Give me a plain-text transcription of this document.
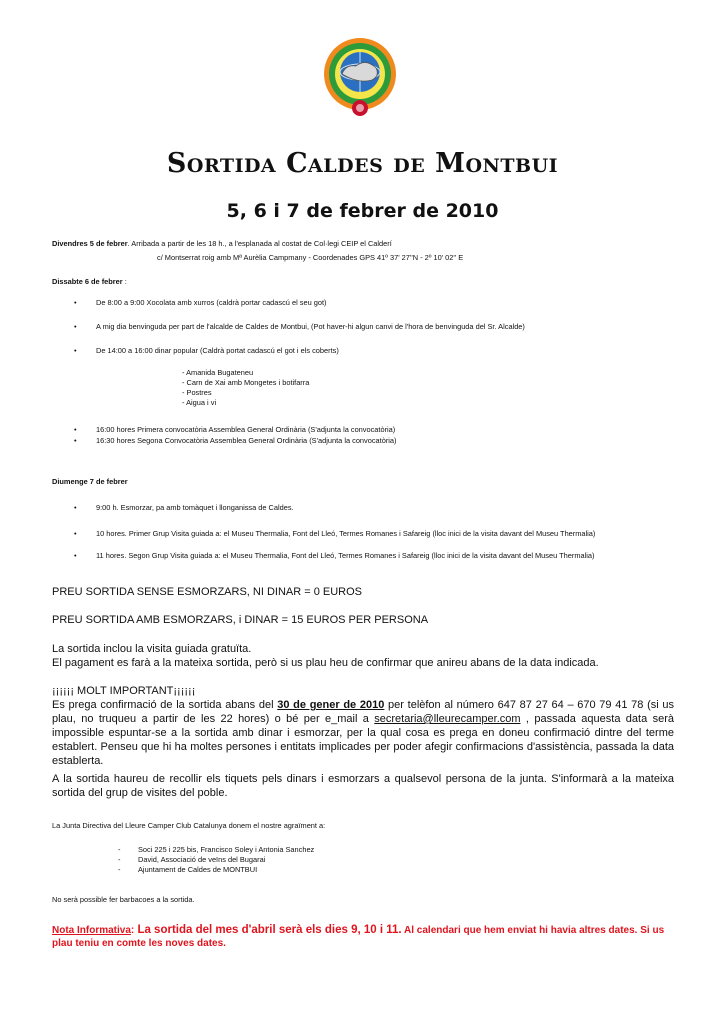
Sortida Caldes de Montbui
5, 6 i 7 de febrer de 2010
Divendres 5 de febrer. Arribada a partir de les 18 h., a l'esplanada al costat de Col·legi CEIP el Calderí
c/ Montserrat roig amb Mª Aurèlia Campmany - Coordenades GPS 41º 37' 27''N - 2º 10' 02'' E
Dissabte 6 de febrer :
•	De 8:00 a 9:00 Xocolata amb xurros (caldrà portar cadascú el seu got)
•	A mig dia benvinguda per part de l'alcalde de Caldes de Montbui, (Pot haver-hi algun canvi de l'hora de benvinguda del Sr. Alcalde)
•	De 14:00 a 16:00 dinar popular (Caldrà portat cadascú el got i els coberts)
- Amanida Bugateneu
- Carn de Xai amb Mongetes i botifarra
- Postres
- Aigua i vi
•	16:00 hores Primera convocatòria Assemblea General Ordinària (S'adjunta la convocatòria)
•	16:30 hores Segona Convocatòria Assemblea General Ordinària (S'adjunta la convocatòria)
Diumenge 7 de febrer
•	9:00 h. Esmorzar, pa amb tomàquet i llonganissa de Caldes.
•	10 hores. Primer Grup Visita guiada a: el Museu Thermalia, Font del Lleó, Termes Romanes i Safareig (lloc inici de la visita davant del Museu Thermalia)
•	11 hores. Segon Grup Visita guiada a: el Museu Thermalia, Font del Lleó, Termes Romanes i Safareig (lloc inici de la visita davant del Museu Thermalia)
PREU SORTIDA SENSE ESMORZARS, NI DINAR = 0 EUROS
PREU SORTIDA AMB ESMORZARS, i DINAR = 15 EUROS PER PERSONA
La sortida inclou la visita guiada gratuïta.
El pagament es farà a la mateixa sortida, però si us plau heu de confirmar que anireu abans de la data indicada.
¡¡¡¡¡¡ MOLT IMPORTANT¡¡¡¡¡¡
Es prega confirmació de la sortida abans del 30 de gener de 2010 per telèfon al número 647 87 27 64 – 670 79 41 78 (si us plau, no truqueu a partir de les 22 hores) o bé per e_mail a secretaria@lleurecamper.com , passada aquesta data serà impossible espuntar-se a la sortida amb dinar i esmorzar, per la qual cosa es prega en doneu confirmació dintre del terme establert. Penseu que hi ha moltes persones i entitats implicades per poder afegir confirmacions d'assistència, passada la data establerta.
A la sortida haureu de recollir els tiquets pels dinars i esmorzars a qualsevol persona de la junta. S'informarà a la mateixa sortida del grup de visites del poble.
La Junta Directiva del Lleure Camper Club Catalunya donem el nostre agraïment a:
- Soci 225 i 225 bis, Francisco Soley i Antonia Sanchez
- David, Associació de veïns del Bugarai
- Ajuntament de Caldes de MONTBUI
No serà possible fer barbacoes a la sortida.
Nota Informativa: La sortida del mes d'abril serà els dies 9, 10 i 11. Al calendari que hem enviat hi havia altres dates. Si us plau teniu en comte les noves dates.
